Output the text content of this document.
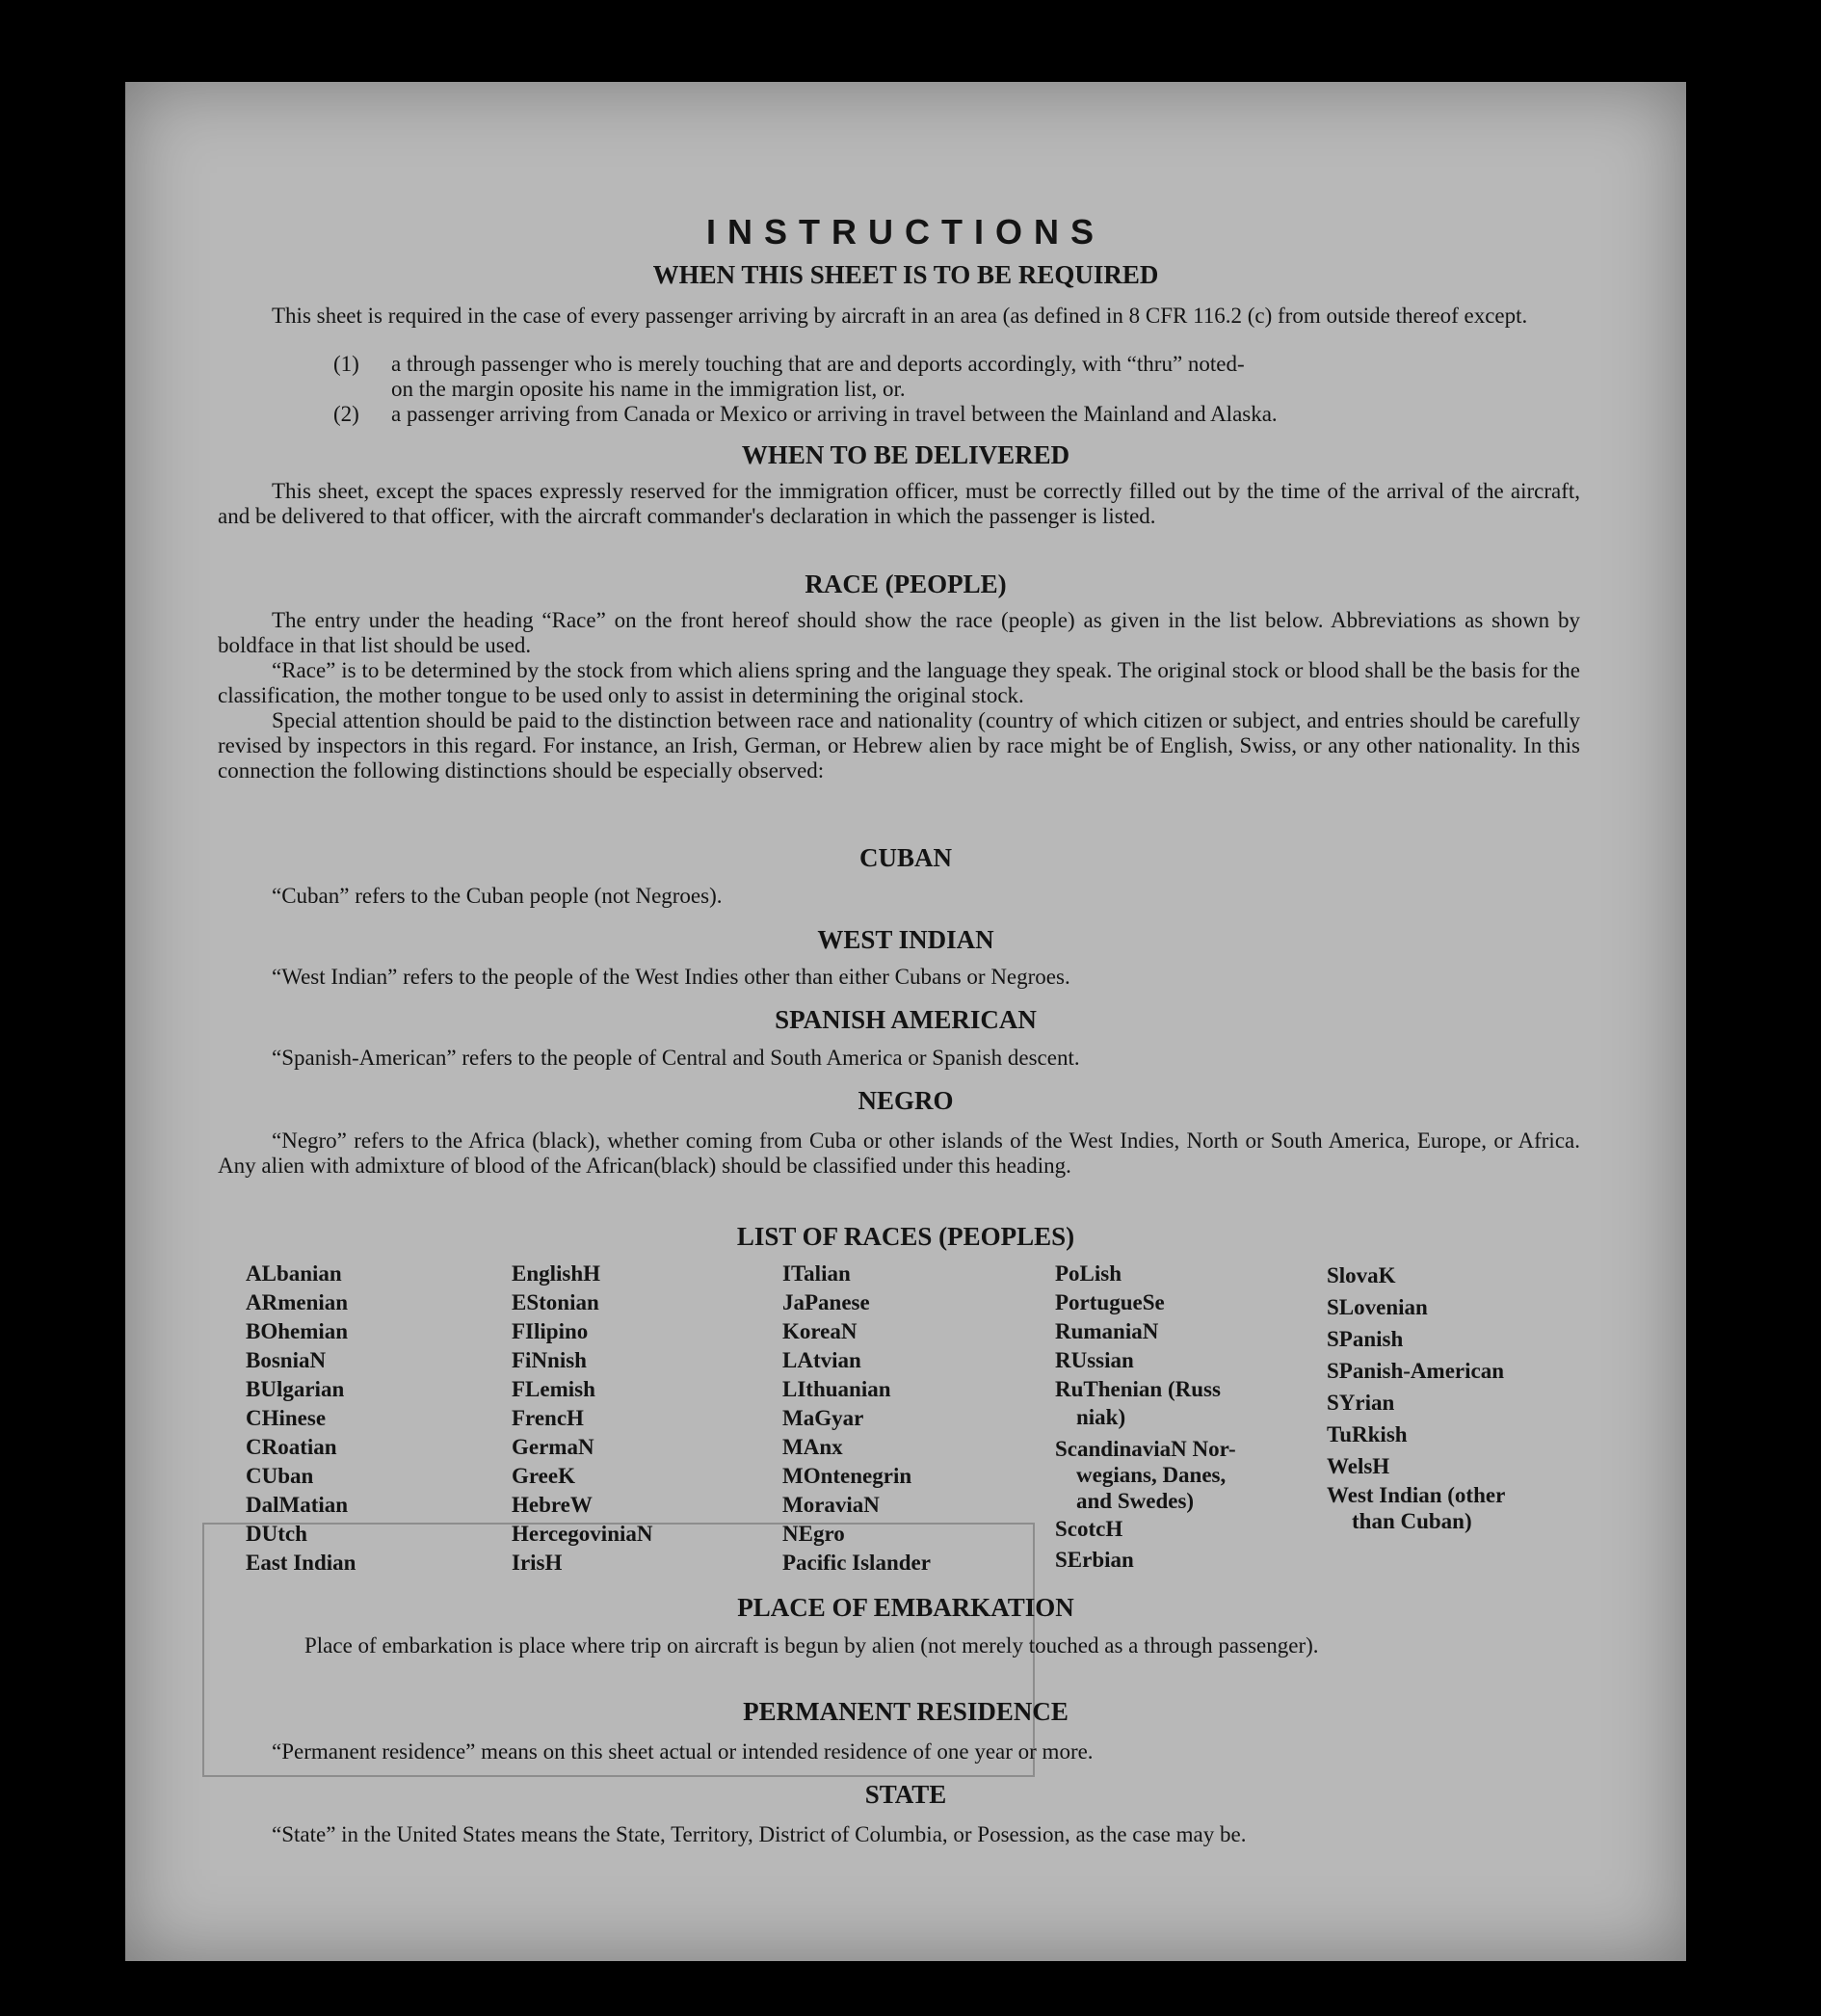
INSTRUCTIONS
WHEN THIS SHEET IS TO BE REQUIRED

This sheet is required in the case of every passenger arriving by aircraft in an area (as defined in 8 CFR 116.2 (c) from outside thereof except.

(1) a through passenger who is merely touching that are and deports accordingly, with “thru” noted-
on the margin oposite his name in the immigration list, or.
(2) a passenger arriving from Canada or Mexico or arriving in travel between the Mainland and Alaska.
WHEN TO BE DELIVERED

This sheet, except the spaces expressly reserved for the immigration officer, must be correctly filled out by the time of the arrival of the aircraft, and be delivered to that officer, with the aircraft commander's declaration in which the passenger is listed.

RACE (PEOPLE)

The entry under the heading “Race” on the front hereof should show the race (people) as given in the list below. Abbreviations as shown by boldface in that list should be used.

“Race” is to be determined by the stock from which aliens spring and the language they speak. The original stock or blood shall be the basis for the classification, the mother tongue to be used only to assist in determining the original stock.

Special attention should be paid to the distinction between race and nationality (country of which citizen or subject, and entries should be carefully revised by inspectors in this regard. For instance, an Irish, German, or Hebrew alien by race might be of English, Swiss, or any other nationality. In this connection the following distinctions should be especially observed:

CUBAN

“Cuban” refers to the Cuban people (not Negroes).

WEST INDIAN

“West Indian” refers to the people of the West Indies other than either Cubans or Negroes.

SPANISH AMERICAN

“Spanish-American” refers to the people of Central and South America or Spanish descent.

NEGRO

“Negro” refers to the Africa (black), whether coming from Cuba or other islands of the West Indies, North or South America, Europe, or Africa. Any alien with admixture of blood of the African(black) should be classified under this heading.

LIST OF RACES (PEOPLES)
ALbanian
ARmenian
BOhemian
BosniaN
BUlgarian
CHinese
CRoatian
CUban
DalMatian
DUtch
East Indian
EnglishH
EStonian
FIlipino
FiNnish
FLemish
FrencH
GermaN
GreeK
HebreW
HercegoviniaN
IrisH
ITalian
JaPanese
KoreaN
LAtvian
LIthuanian
MaGyar
MAnx
MOntenegrin
MoraviaN
NEgro
Pacific Islander
PoLish
PortugueSe
RumaniaN
RUssian
RuThenian (Russ
niak)
ScandinaviaN Nor-
wegians, Danes,
and Swedes)
ScotcH
SErbian
SlovaK
SLovenian
SPanish
SPanish-American
SYrian
TuRkish
WelsH
West Indian (other
than Cuban)
PLACE OF EMBARKATION

Place of embarkation is place where trip on aircraft is begun by alien (not merely touched as a through passenger).

PERMANENT RESIDENCE

“Permanent residence” means on this sheet actual or intended residence of one year or more.

STATE

“State” in the United States means the State, Territory, District of Columbia, or Posession, as the case may be.
